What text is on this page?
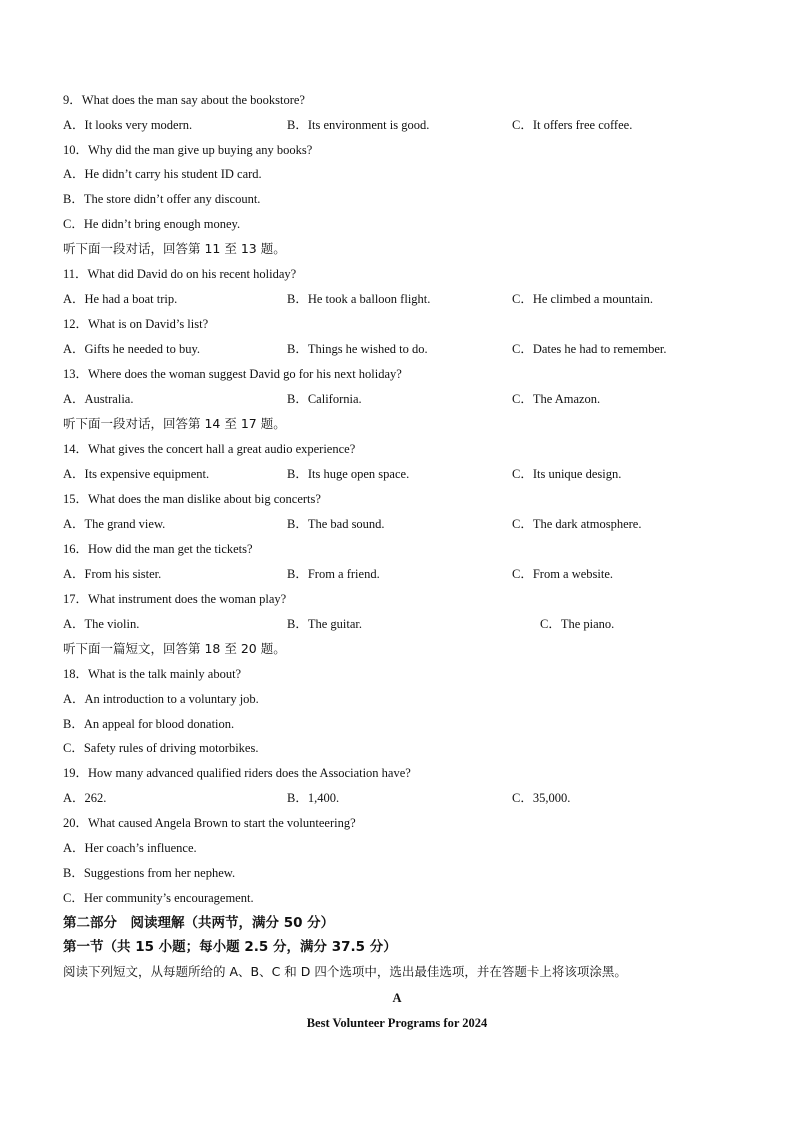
9．What does the man say about the bookstore?
A．It looks very modern.	B．Its environment is good.	C．It offers free coffee.
10．Why did the man give up buying any books?
A．He didn’t carry his student ID card.
B．The store didn’t offer any discount.
C．He didn’t bring enough money.
听下面一段对话，回答第 11 至 13 题。
11．What did David do on his recent holiday?
A．He had a boat trip.	B．He took a balloon flight.	C．He climbed a mountain.
12．What is on David’s list?
A．Gifts he needed to buy.	B．Things he wished to do.	C．Dates he had to remember.
13．Where does the woman suggest David go for his next holiday?
A．Australia.	B．California.	C．The Amazon.
听下面一段对话，回答第 14 至 17 题。
14．What gives the concert hall a great audio experience?
A．Its expensive equipment.	B．Its huge open space.	C．Its unique design.
15．What does the man dislike about big concerts?
A．The grand view.	B．The bad sound.	C．The dark atmosphere.
16．How did the man get the tickets?
A．From his sister.	B．From a friend.	C．From a website.
17．What instrument does the woman play?
A．The violin.	B．The guitar.	C．The piano.
听下面一篇短文，回答第 18 至 20 题。
18．What is the talk mainly about?
A．An introduction to a voluntary job.
B．An appeal for blood donation.
C．Safety rules of driving motorbikes.
19．How many advanced qualified riders does the Association have?
A．262.	B．1,400.	C．35,000.
20．What caused Angela Brown to start the volunteering?
A．Her coach’s influence.
B．Suggestions from her nephew.
C．Her community’s encouragement.
第二部分　阅读理解（共两节，满分 50 分）
第一节（共 15 小题；每小题 2.5 分，满分 37.5 分）
阅读下列短文，从每题所给的 A、B、C 和 D 四个选项中，选出最佳选项，并在答题卡上将该项涂黑。
A
Best Volunteer Programs for 2024
